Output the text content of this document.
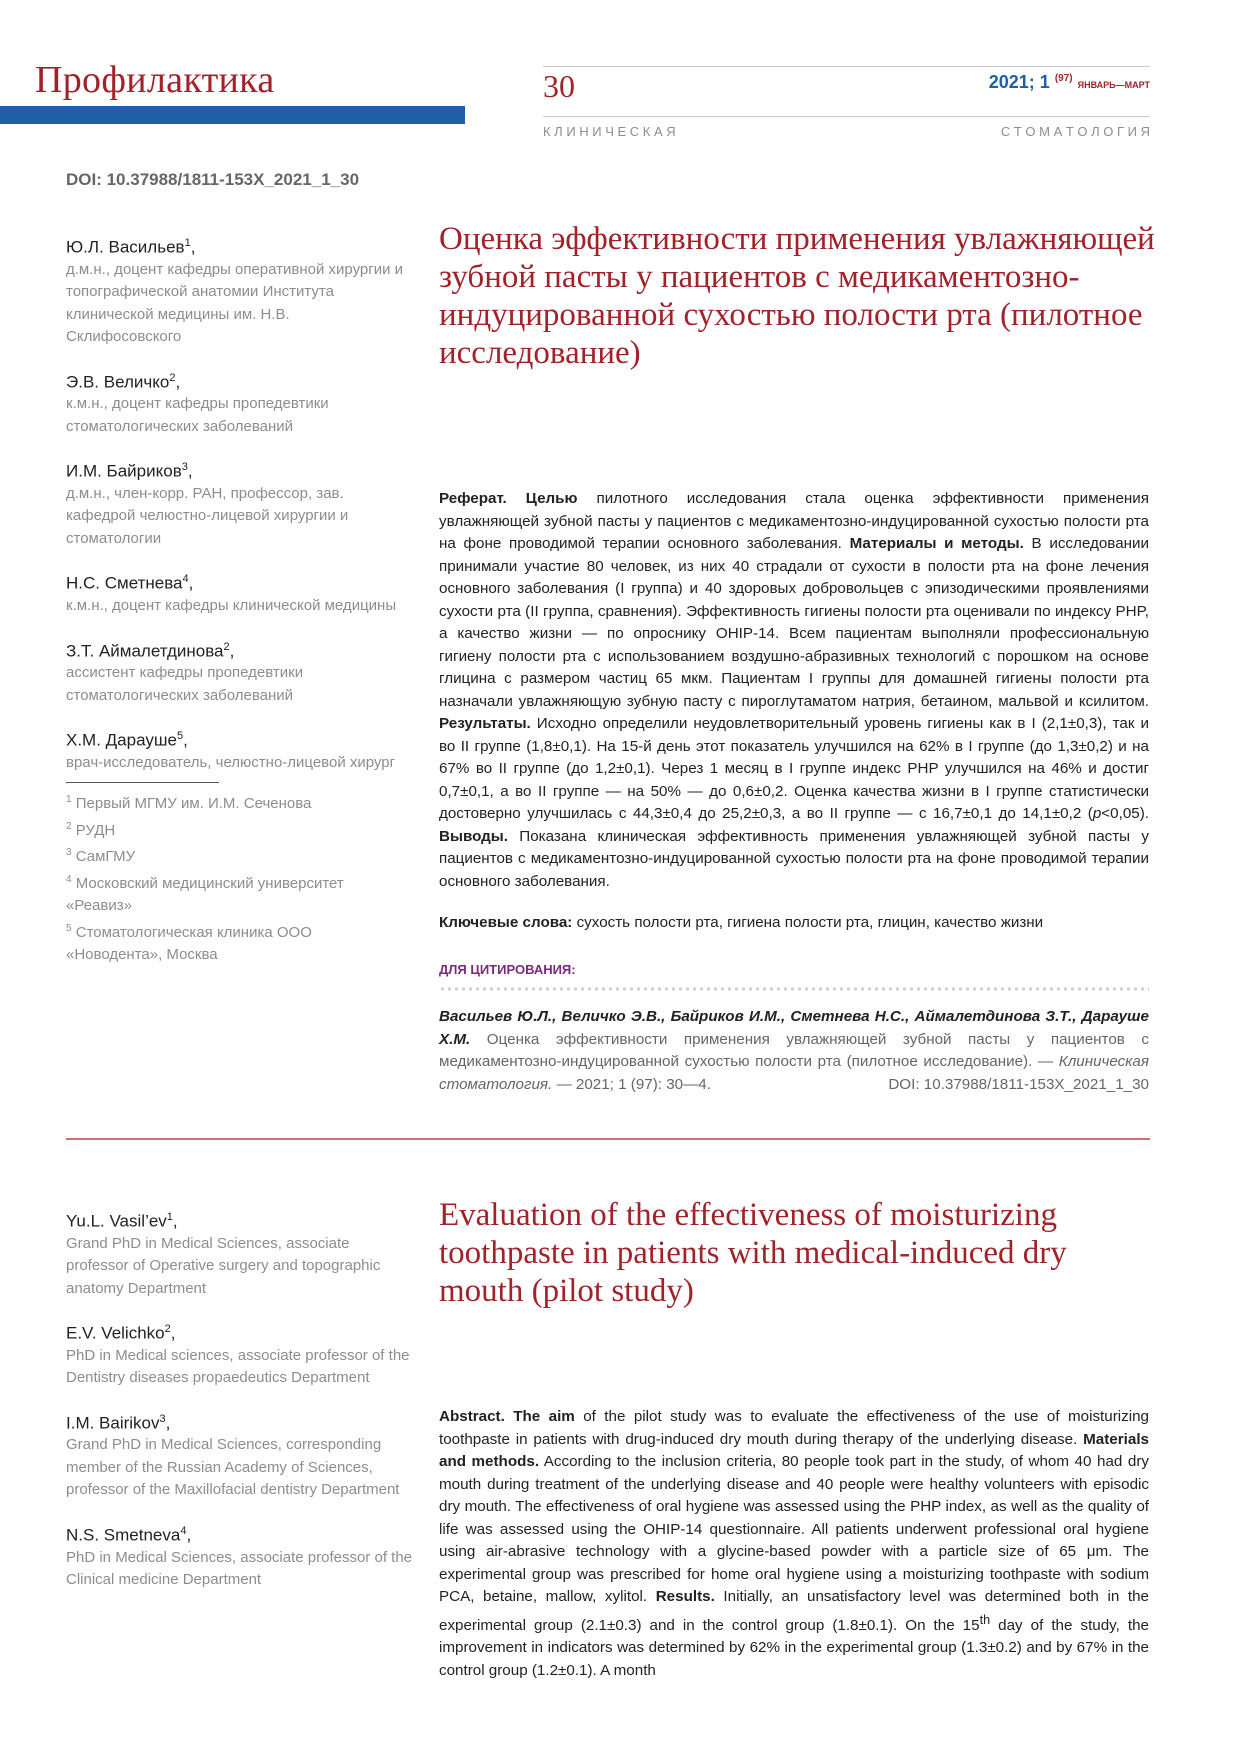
Профилактика	30	2021; 1 $^{(97)}$ ЯНВАРЬ—МАРТ
К Л И Н И Ч Е С К А Я	С Т О М А Т О Л О Г И Я
DOI: 10.37988/1811-153X_2021_1_30
Ю.Л. Васильев$^1$,
д.м.н., доцент кафедры оперативной хирургии и топографической анатомии Института клинической медицины им. Н.В. Склифосовского
Э.В. Величко$^2$,
к.м.н., доцент кафедры пропедевтики стоматологических заболеваний
И.М. Байриков$^3$,
д.м.н., член-корр. РАН, профессор, зав. кафедрой челюстно-лицевой хирургии и стоматологии
Н.С. Сметнева$^4$,
к.м.н., доцент кафедры клинической медицины
З.Т. Аймалетдинова$^2$,
ассистент кафедры пропедевтики стоматологических заболеваний
Х.М. Дарауше$^5$,
врач-исследователь, челюстно-лицевой хирург
$^1$ Первый МГМУ им. И.М. Сеченова
$^2$ РУДН
$^3$ СамГМУ
$^4$ Московский медицинский университет «Реавиз»
$^5$ Стоматологическая клиника ООО «Новодента», Москва
Оценка эффективности применения увлажняющей зубной пасты у пациентов с медикаментозно-индуцированной сухостью полости рта (пилотное исследование)
Реферат. Целью пилотного исследования стала оценка эффективности применения увлажняющей зубной пасты у пациентов с медикаментозно-индуцированной сухостью полости рта на фоне проводимой терапии основного заболевания. Материалы и методы. В исследовании принимали участие 80 человек, из них 40 страдали от сухости в полости рта на фоне лечения основного заболевания (I группа) и 40 здоровых добровольцев с эпизодическими проявлениями сухости рта (II группа, сравнения). Эффективность гигиены полости рта оценивали по индексу PHP, а качество жизни — по опроснику OHIP-14. Всем пациентам выполняли профессиональную гигиену полости рта с использованием воздушно-абразивных технологий с порошком на основе глицина с размером частиц 65 мкм. Пациентам I группы для домашней гигиены полости рта назначали увлажняющую зубную пасту с пироглутаматом натрия, бетаином, мальвой и ксилитом. Результаты. Исходно определили неудовлетворительный уровень гигиены как в I (2,1±0,3), так и во II группе (1,8±0,1). На 15-й день этот показатель улучшился на 62% в I группе (до 1,3±0,2) и на 67% во II группе (до 1,2±0,1). Через 1 месяц в I группе индекс PHP улучшился на 46% и достиг 0,7±0,1, а во II группе — на 50% — до 0,6±0,2. Оценка качества жизни в I группе статистически достоверно улучшилась с 44,3±0,4 до 25,2±0,3, а во II группе — с 16,7±0,1 до 14,1±0,2 (p<0,05). Выводы. Показана клиническая эффективность применения увлажняющей зубной пасты у пациентов с медикаментозно-индуцированной сухостью полости рта на фоне проводимой терапии основного заболевания.
Ключевые слова: сухость полости рта, гигиена полости рта, глицин, качество жизни
ДЛЯ ЦИТИРОВАНИЯ:
Васильев Ю.Л., Величко Э.В., Байриков И.М., Сметнева Н.С., Аймалетдинова З.Т., Дарауше Х.М. Оценка эффективности применения увлажняющей зубной пасты у пациентов с медикаментозно-индуцированной сухостью полости рта (пилотное исследование). — Клиническая стоматология. — 2021; 1 (97): 30—4.	DOI: 10.37988/1811-153X_2021_1_30
Yu.L. $Vasil’ev^1$,
Grand PhD in Medical Sciences, associate professor of Operative surgery and topographic anatomy Department
E.V. Velichko$^2$,
PhD in Medical sciences, associate professor of the Dentistry diseases propaedeutics Department
I.M. Bairikov$^3$,
Grand PhD in Medical Sciences, corresponding member of the Russian Academy of Sciences, professor of the Maxillofacial dentistry Department
N.S. Smetneva$^4$,
PhD in Medical Sciences, associate professor of the Clinical medicine Department
Evaluation of the effectiveness of moisturizing toothpaste in patients with medical-induced dry mouth (pilot study)
Abstract. The aim of the pilot study was to evaluate the effectiveness of the use of moisturizing toothpaste in patients with drug-induced dry mouth during therapy of the underlying disease. Materials and methods. According to the inclusion criteria, 80 people took part in the study, of whom 40 had dry mouth during treatment of the underlying disease and 40 people were healthy volunteers with episodic dry mouth. The effectiveness of oral hygiene was assessed using the PHP index, as well as the quality of life was assessed using the OHIP-14 questionnaire. All patients underwent professional oral hygiene using air-abrasive technology with a glycine-based powder with a particle size of 65 μm. The experimental group was prescribed for home oral hygiene using a moisturizing toothpaste with sodium PCA, betaine, mallow, xylitol. Results. Initially, an unsatisfactory level was determined both in the experimental group (2.1±0.3) and in the control group (1.8±0.1). On the 15th day of the study, the improvement in indicators was determined by 62% in the experimental group (1.3±0.2) and by 67% in the control group (1.2±0.1). A month
